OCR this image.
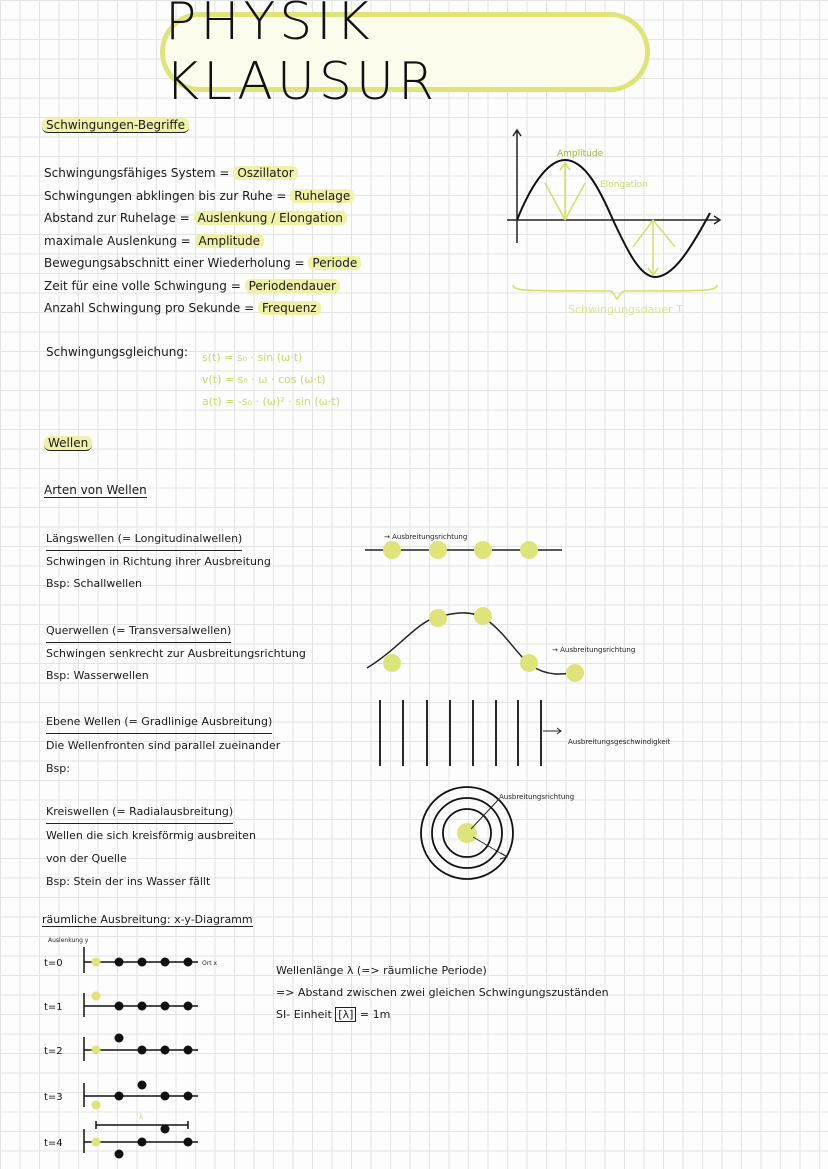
PHYSIK KLAUSUR
Schwingungen-Begriffe
Schwingungsfähiges System = Oszillator
Schwingungen abklingen bis zur Ruhe = Ruhelage
Abstand zur Ruhelage = Auslenkung / Elongation
maximale Auslenkung = Amplitude
Bewegungsabschnitt einer Wiederholung = Periode
Zeit für eine volle Schwingung = Periodendauer
Anzahl Schwingung pro Sekunde = Frequenz
Amplitude
Elongation
Schwingungsdauer T
Schwingungsgleichung: s(t) = s₀ · sin (ω·t)
v(t) = s₀ · ω · cos (ω·t)
a(t) = -s₀ · (ω)² · sin (ω·t)
Wellen
Arten von Wellen
Längswellen (= Longitudinalwellen)
Schwingen in Richtung ihrer Ausbreitung
Bsp: Schallwellen
→ Ausbreitungsrichtung
Querwellen (= Transversalwellen)
Schwingen senkrecht zur Ausbreitungsrichtung
Bsp: Wasserwellen
→ Ausbreitungsrichtung
Ebene Wellen (= Gradlinige Ausbreitung)
Die Wellenfronten sind parallel zueinander
Bsp:
Ausbreitungsgeschwindigkeit
Kreiswellen (= Radialausbreitung)
Wellen die sich kreisförmig ausbreiten
von der Quelle
Bsp: Stein der ins Wasser fällt
Ausbreitungsrichtung
räumliche Ausbreitung: x-y-Diagramm
Auslenkung y
Ort x
t=0
t=1
t=2
t=3
t=4
λ
Wellenlänge λ (=> räumliche Periode)
=> Abstand zwischen zwei gleichen Schwingungszuständen
SI- Einheit [λ] = 1m
